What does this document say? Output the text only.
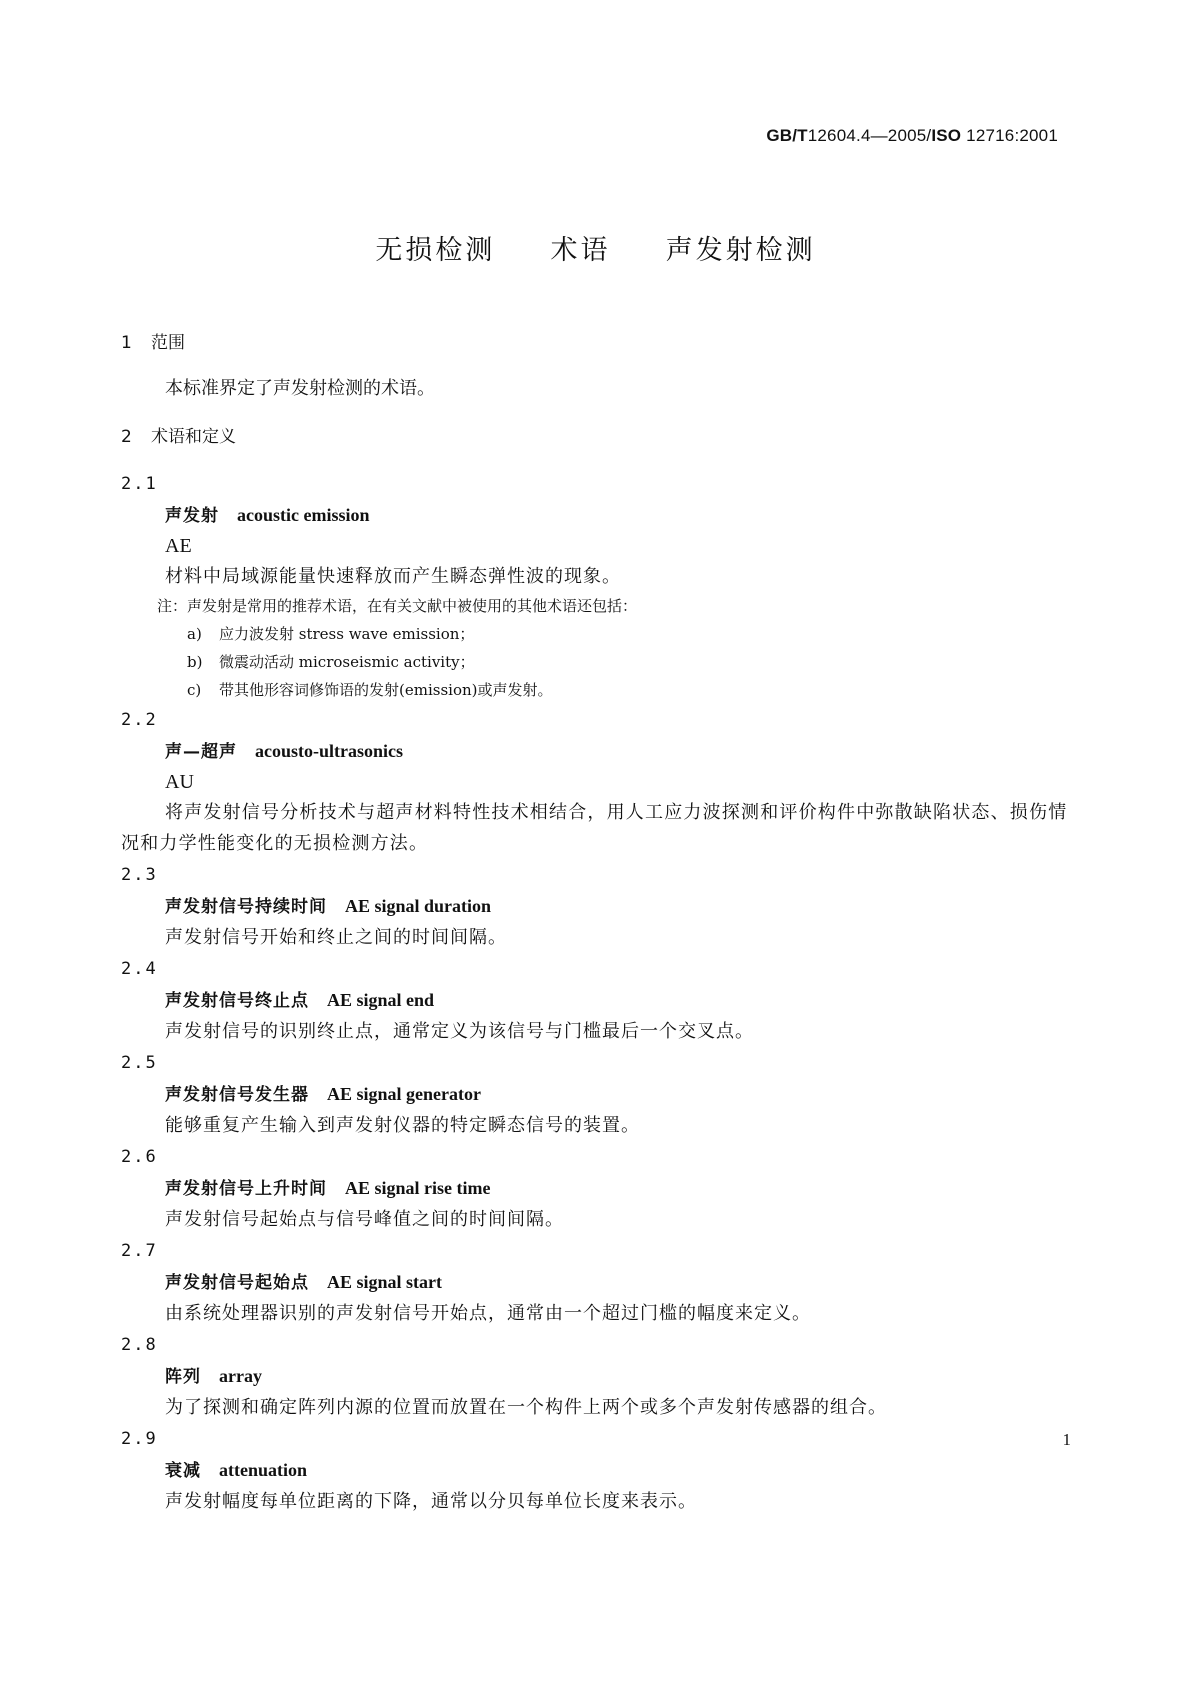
GB/T12604.4—2005/ISO 12716:2001
无损检测  术语  声发射检测
1 范围
本标准界定了声发射检测的术语。
2 术语和定义
2.1
声发射 acoustic emission
AE
材料中局域源能量快速释放而产生瞬态弹性波的现象。
注：声发射是常用的推荐术语，在有关文献中被使用的其他术语还包括：
a) 应力波发射 stress wave emission；
b) 微震动活动 microseismic activity；
c) 带其他形容词修饰语的发射(emission)或声发射。
2.2
声—超声 acousto-ultrasonics
AU
将声发射信号分析技术与超声材料特性技术相结合，用人工应力波探测和评价构件中弥散缺陷状态、损伤情况和力学性能变化的无损检测方法。
2.3
声发射信号持续时间 AE signal duration
声发射信号开始和终止之间的时间间隔。
2.4
声发射信号终止点 AE signal end
声发射信号的识别终止点，通常定义为该信号与门槛最后一个交叉点。
2.5
声发射信号发生器 AE signal generator
能够重复产生输入到声发射仪器的特定瞬态信号的装置。
2.6
声发射信号上升时间 AE signal rise time
声发射信号起始点与信号峰值之间的时间间隔。
2.7
声发射信号起始点 AE signal start
由系统处理器识别的声发射信号开始点，通常由一个超过门槛的幅度来定义。
2.8
阵列 array
为了探测和确定阵列内源的位置而放置在一个构件上两个或多个声发射传感器的组合。
2.9
衰减 attenuation
声发射幅度每单位距离的下降，通常以分贝每单位长度来表示。
1
